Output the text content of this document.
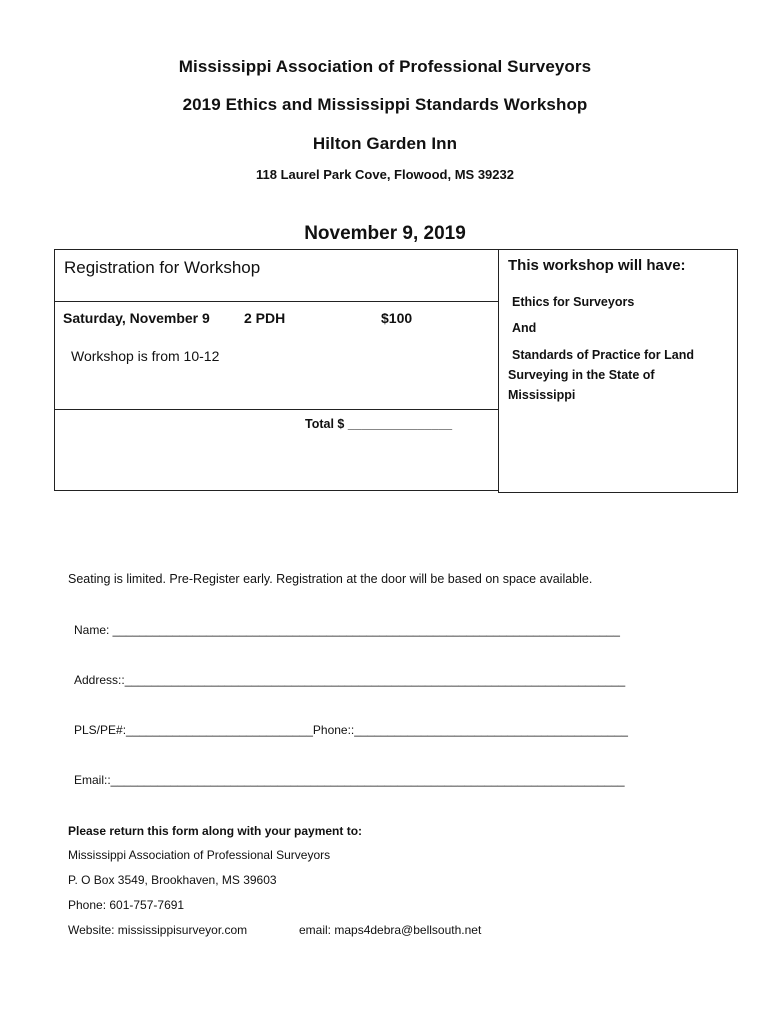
Mississippi Association of Professional Surveyors
2019 Ethics and Mississippi Standards Workshop
Hilton Garden Inn
118 Laurel Park Cove, Flowood, MS 39232
November 9, 2019
Registration for Workshop
Saturday, November 9 2 PDH	$100
Workshop is from 10-12
Total $ _______________
This workshop will have:
Ethics for Surveyors
And
Standards of Practice for Land
Surveying in the State of
Mississippi
Seating is limited. Pre-Register early. Registration at the door will be based on space available.
Name: ____________________________________________________________________________
Address::___________________________________________________________________________
PLS/PE#:____________________________Phone::_________________________________________
Email::_____________________________________________________________________________
Please return this form along with your payment to:
Mississippi Association of Professional Surveyors
P. O Box 3549, Brookhaven, MS 39603
Phone: 601-757-7691
Website: mississippisurveyor.com	email: maps4debra@bellsouth.net
